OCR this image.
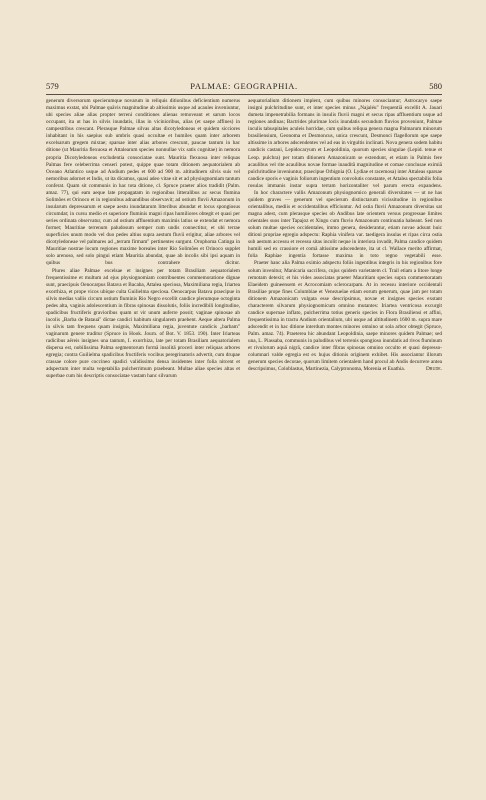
579	PALMAE: GEOGRAPHIA.	580

generum diversorum specierumque novarum in reliquis ditionibus deficientium numerus maximus exstat, ubi Palmae quāvis magnitudine ab altissimis usque ad acaules inveniuntur, ubi species aliae alias propter terreni conditiones alienas removeant et sarum locos occupant, ita ut has in silvis inundatis, illas in vicinioribus, alias (et saepe affines) in campestribus crescant. Plerasque Palmae silvas altas dicotyledoneas et quidem sicciores inhabitant in his saepius sub umbris quasi occultae et humiles quam inter arborem excelsarum gregem mixtae; sparsae inter alias arbores crescunt, paucae tantum in hac ditione (ut Mauritia flexuosa et Attalearum species nonnullae vix satis cognitae) in nemora propria Dicotyledoneas excludentia consociatae sunt. Mauritia flexuosa inter reliquas Palmas fere celeberrima censeri potest, quippe quae totam ditionem aequatorialem ab Oceano Atlantico usque ad Andium pedes et 600 ad 900 m. altitudinem silvis suis vel nemoribus adornet et Indis, ut ita dicamus, quasi adeo vitae sit et ad physiognomiam tantum conferat. Quam sit communis in hac tota ditione, cl. Spruce praeter alios tradidit (Palm. amaz. 77), qui eam aeque late propagatam in regionibus litteralibus ac secus flumina Solimões et Orinoco et in regionibus adnandibus observavit; ad ostium fluvii Amazonum in insularum depressarum et saepe aestu inundatarum litteribus abundat et locus spongiosus circumdat; in cursu medio et superiore fluminis magni ripas humiliores obtegit et quasi per series ordinata observatur, cum ad ostium affluentium maximis latius se extendat et nemora formet; Mauritiae terrenum paludosum semper cum undis connectitur, et ubi terrae superficies unum modo vel duo pedes altius supra aestum fluvii erigitur, aliae arbores vel dicotyledoneae vel palmares ad „terram firmam" pertinentes surgunt. Orophoma Catinga in Mauritiae nostrae locum regiones maxime boreales inter Rio Solimões et Orinoco supplet solo arenoso, sed solo pingui etiam Mauritia abundat, quae ab incolis sibi ipsi aquam in quibus bus contrahere dicitur.

Plures aliae Palmae excelsae et insignes per totam Brasiliam aequatorialem frequentissime et multum ad ejus physiognomiam contribuentes commemoratione dignae sunt, praecipuis Oenocarpus Batava et Bacaba, Attalea speciosa, Maximiliana regia, Iriartea exorrhiza, et prope vicos ubique culta Guilielma speciosa. Oenocarpus Batava praecipue in silvis medias vallis circum ostium fluminis Rio Negro excellit candice plerumque octoginta pedes alta, vaginis adolescentium in fibras spinosas dissolutis, foliis incredibili longitudine, spadicibus fructiferis gravioribus quam ut vir unum auferre possit; vaginae spinosae ab incolis „Barba de Batauá" dictae candici habitum singularem praebent. Aeque altera Palma in silvis tam frequens quam insignis, Maximiliana regia, juventute candicis „barbam" vaginarum genere traditur (Spruce in Hook. Journ. of Bot. V. 1853. 190). Inter Iriarteas radicibus aëreis insignes una tantum, I. exorrhiza, late per totam Brasiliam aequatorialem dispersa est, nobilissima Palma segmentorum formā insolitā proceri inter reliquas arbores egregia; contra Guilielma spadicibus fructiferis vocibus peregrinatoris advertit, cum drupae crassae colore pure coccineo spadici validissimo densa insidentes inter folia nitcent et adspectum inter multa vegetabilia pulcherrimum praebeant. Multae aliae species altas et superbae cum his descriptis consociatae vastam hanc silvarum

aequatorialium ditionem implent, cum quibus minores consociantur; Astrocaryo saepe insigni pulchritudine sunt, et inter species minus „Najaléu" frequentiā excellit A. Jauari dumeta impenetrabilia formans in insulis fluvii magni et secus ripas affluentium usque ad regiones andinas; Bactrides plurimae locis inundatis secundum fluvios proveniunt, Palmae inculis tabuspitales aculeis horridae, cum quibus reliqua genera magna Palmarum minorum brasiliensium, Geonoma et Desmoncus, unica crescunt, Desmonci flagellorum ope saepe altissime in arbores adscendentes vel ad eas in virgultis inclinati. Nova genera sodem habitu candicis castani, Lepidocaryum et Leopoldinia, quorum species singulae (Lepid. tenue et Leop. pulchra) per totam ditionem Amazonicam se extendunt, et etiam in Palmis fere acaulibus vel rite acaulibus novae formae inauditā magnitudine et comae conclusae eximiā pulchritudine inveniuntur, praecipue Orbignia (O. Lydiae et racemosa) inter Attaleas sparsae candice sporis e vaginis foliorum ingentium convolutis constante, et Attalea spectabilis folia rosulas immanis instar supra terram horizontaliter vel parum erecta expandens.

In hoc charactere vallis Amazonum physiognomico generali diversitates — ut ne has quidem graves — generum vel specierum distinctarum vicissitudine in regionibus orientalibus, mediis et occidentalibus efficiuntur. Ad ostia fluvii Amazonum diversitas sat magna adest, cum plerasque species ob Andibus late orientem versus progressae limites orientales suos inter Tapajoz et Xingu cum fluvio Amazonum continuatia habeant. Sed non solum multae species occidentales, immo genera, desiderantur, etiam novae adsunt huic ditioni propriae egregio adspectu: Raphia vinifera var. taedigera insulas et ripas circa ostia sub aestum accessu et recessu sitas incolit neque in interiora invadit, Palma candice quidem humili sed ex crassiore et comā altissime adscendente, ita ut cl. Wallace merito affirmat, folia Raphiae ingentia fortasse maxima in toto regno vegetabili esse.

Praeter hanc alia Palma eximio adspectu foliis ingentibus integris in his regionibus fore solum invenitur, Manicaria saccifera, cujus quidem varietatem cl. Trail etiam a litore longe remotam detexit; et his vides associatas praeter Mauritiam species supra commemoratam Elaeidem guineensem et Acrocomiam sclerocarpam. At in recessu interiore occidentali Brasiliae prope fines Columbiae et Venezuelae etiam eorum generum, quae jam per totam ditionem Amazonicam vulgata esse descripsimus, novae et insignes species exstant characterem silvarum physiognomicum omnino mutantes: Iriartea ventricosa excurgit candice supernae inflato, pulcherrima totius generis species in Flora Brasiliensi et affini, frequentissima in tractu Andium orientalium, ubi usque ad altitudinem 1600 m. supra mare adscendit et in hac ditione interdum montes minores omnino ut sola arbor obtegit (Spruce, Palm. amaz. 74). Praeterea hic abundant Leopoldinia, saepe minores quidem Palmae; sed una, L. Piassaba, communis in paludibus vel terrenis spongioso inundatis ad rivos fluminum et rivulorum aquā nigrā, candice inter fibras spinosas omnino occulto et quasi depresso-columnari valde egregia est ex hujus ditionis originem exhibet. His associantur illorum generum species decorae, quorum limitem orientalem hand procul ab Andis decurrere antea descripsimus, Coloblastus, Martinezia, Calyptronoma, Morenia et Euathia.	Drude.
